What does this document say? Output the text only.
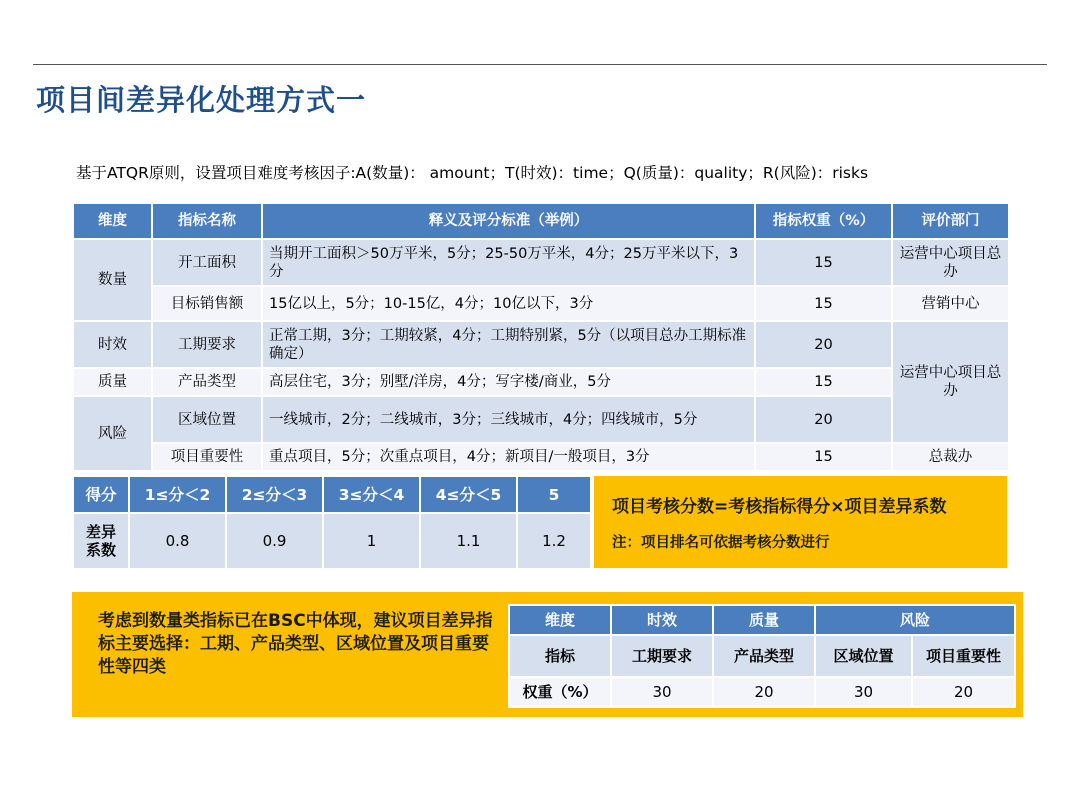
项目间差异化处理方式一
基于ATQR原则，设置项目难度考核因子:A(数量)： amount；T(时效)：time；Q(质量)：quality；R(风险)：risks
维度	指标名称	释义及评分标准（举例）	指标权重（%）	评价部门
数量	开工面积	当期开工面积＞50万平米，5分；25-50万平米，4分；25万平米以下，3分	15	运营中心项目总办
	目标销售额	15亿以上，5分；10-15亿，4分；10亿以下，3分	15	营销中心
时效	工期要求	正常工期，3分；工期较紧，4分；工期特别紧，5分（以项目总办工期标准确定）	20	运营中心项目总办
质量	产品类型	高层住宅，3分；别墅/洋房，4分；写字楼/商业，5分	15	
风险	区域位置	一线城市，2分；二线城市，3分；三线城市，4分；四线城市，5分	20	
	项目重要性	重点项目，5分；次重点项目，4分；新项目/一般项目，3分	15	总裁办
得分	1≤分＜2	2≤分＜3	3≤分＜4	4≤分＜5	5
差异系数	0.8	0.9	1	1.1	1.2
项目考核分数=考核指标得分×项目差异系数
注：项目排名可依据考核分数进行
考虑到数量类指标已在BSC中体现，建议项目差异指标主要选择：工期、产品类型、区域位置及项目重要性等四类
维度	时效	质量	风险	
指标	工期要求	产品类型	区域位置	项目重要性
权重（%）	30	20	30	20
